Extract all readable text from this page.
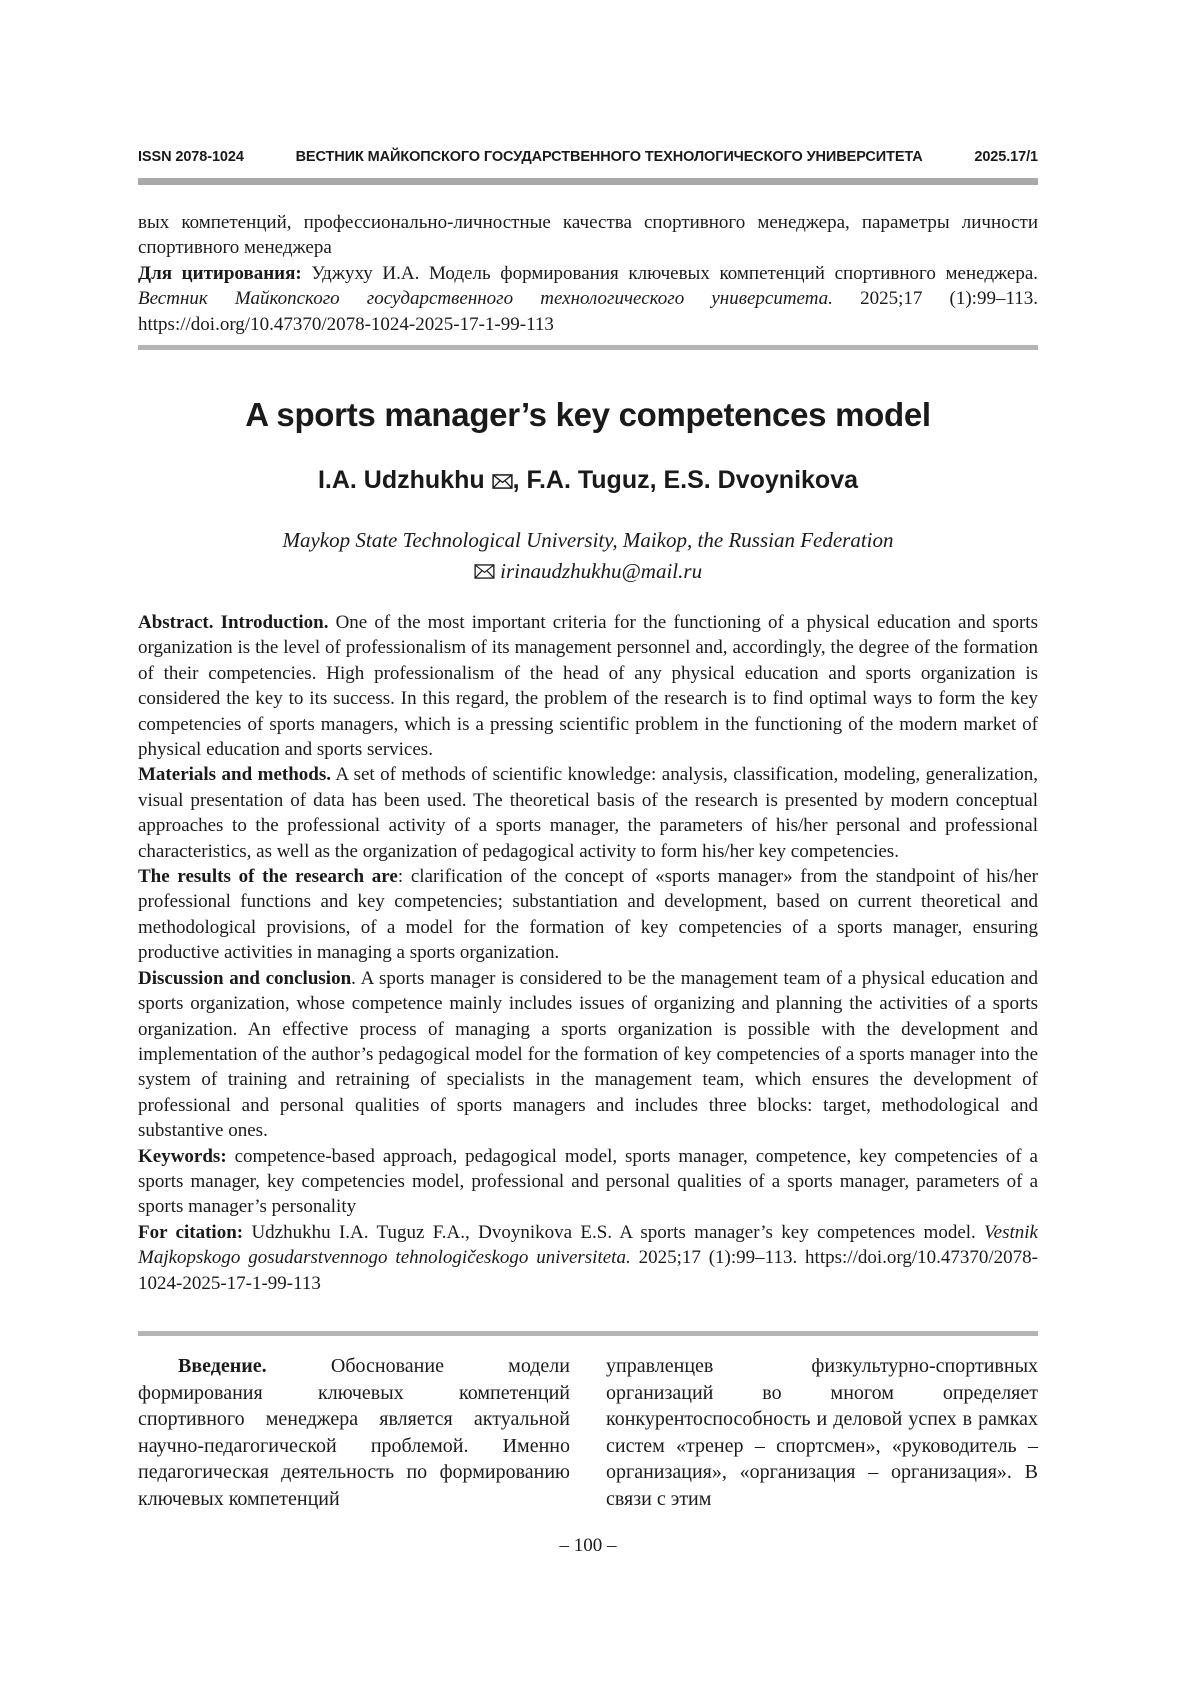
ISSN 2078-1024	ВЕСТНИК МАЙКОПСКОГО ГОСУДАРСТВЕННОГО ТЕХНОЛОГИЧЕСКОГО УНИВЕРСИТЕТА	2025.17/1

вых компетенций, профессионально-личностные качества спортивного менеджера, параметры личности спортивного менеджера

Для цитирования: Уджуху И.А. Модель формирования ключевых компетенций спортивного менеджера. Вестник Майкопского государственного технологического университета. 2025;17 (1):99–113. https://doi.org/10.47370/2078-1024-2025-17-1-99-113

A sports manager’s key competences model
I.A. Udzhukhu , F.A. Tuguz, E.S. Dvoynikova
Maykop State Technological University, Maikop, the Russian Federation
irinaudzhukhu@mail.ru

Abstract. Introduction. One of the most important criteria for the functioning of a physical education and sports organization is the level of professionalism of its management personnel and, accordingly, the degree of the formation of their competencies. High professionalism of the head of any physical education and sports organization is considered the key to its success. In this regard, the problem of the research is to find optimal ways to form the key competencies of sports managers, which is a pressing scientific problem in the functioning of the modern market of physical education and sports services.

Materials and methods. A set of methods of scientific knowledge: analysis, classification, modeling, generalization, visual presentation of data has been used. The theoretical basis of the research is presented by modern conceptual approaches to the professional activity of a sports manager, the parameters of his/her personal and professional characteristics, as well as the organization of pedagogical activity to form his/her key competencies.

The results of the research are: clarification of the concept of «sports manager» from the standpoint of his/her professional functions and key competencies; substantiation and development, based on current theoretical and methodological provisions, of a model for the formation of key competencies of a sports manager, ensuring productive activities in managing a sports organization.

Discussion and conclusion. A sports manager is considered to be the management team of a physical education and sports organization, whose competence mainly includes issues of organizing and planning the activities of a sports organization. An effective process of managing a sports organization is possible with the development and implementation of the author’s pedagogical model for the formation of key competencies of a sports manager into the system of training and retraining of specialists in the management team, which ensures the development of professional and personal qualities of sports managers and includes three blocks: target, methodological and substantive ones.

Keywords: competence-based approach, pedagogical model, sports manager, competence, key competencies of a sports manager, key competencies model, professional and personal qualities of a sports manager, parameters of a sports manager’s personality

For citation: Udzhukhu I.A. Tuguz F.A., Dvoynikova E.S. A sports manager’s key competences model. Vestnik Majkopskogo gosudarstvennogo tehnologičeskogo universiteta. 2025;17 (1):99–113. https://doi.org/10.47370/2078-1024-2025-17-1-99-113

Введение. Обоснование модели формирования ключевых компетенций спортивного менеджера является актуальной научно-педагогической проблемой. Именно педагогическая деятельность по формированию ключевых компетенций

управленцев физкультурно-спортивных организаций во многом определяет конкурентоспособность и деловой успех в рамках систем «тренер – спортсмен», «руководитель – организация», «организация – организация». В связи с этим

– 100 –
